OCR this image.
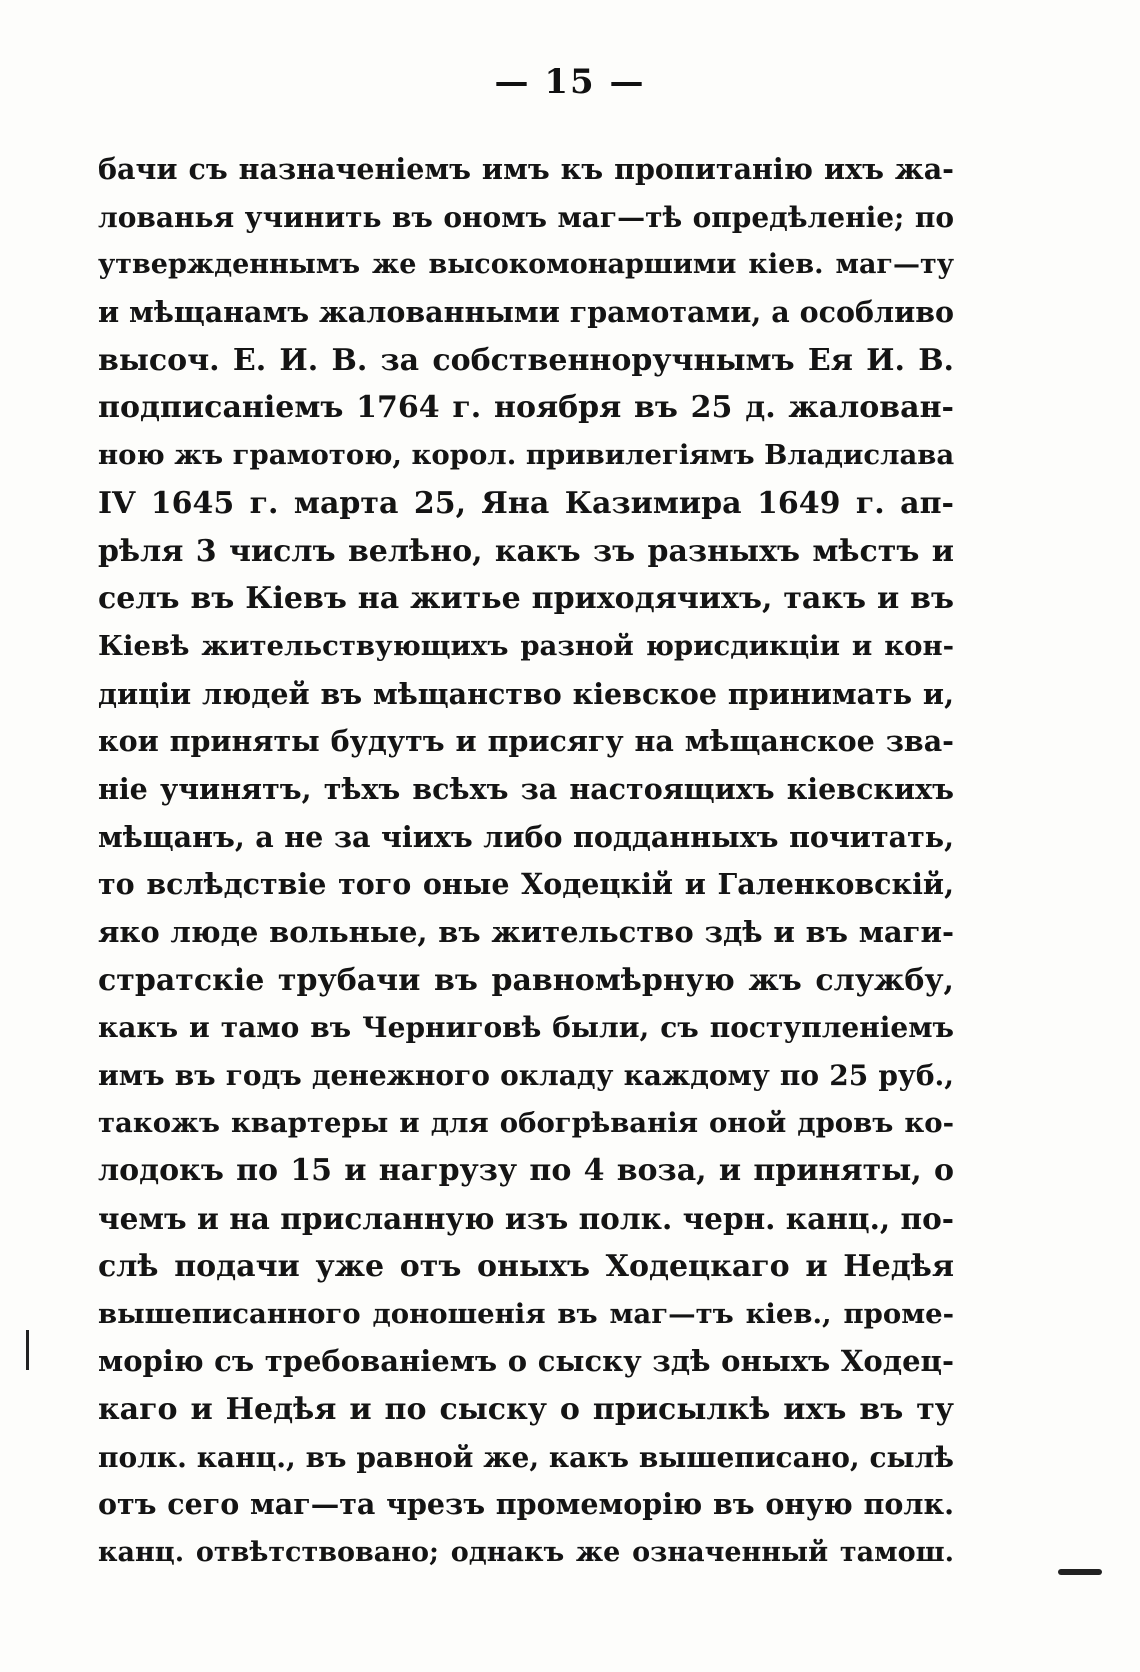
— 15 —
бачи съ назначеніемъ имъ къ пропитанію ихъ жа-
лованья учинить въ ономъ маг—тѣ опредѣленіе; по
утвержденнымъ же высокомонаршими кіев. маг—ту
и мѣщанамъ жалованными грамотами, а особливо
высоч. Е. И. В. за собственноручнымъ Ея И. В.
подписаніемъ 1764 г. ноября въ 25 д. жалован-
ною жъ грамотою, корол. привилегіямъ Владислава
IV 1645 г. марта 25, Яна Казимира 1649 г. ап-
рѣля 3 числъ велѣно, какъ зъ разныхъ мѣстъ и
селъ въ Кіевъ на житье приходячихъ, такъ и въ
Кіевѣ жительствующихъ разной юрисдикціи и кон-
диціи людей въ мѣщанство кіевское принимать и,
кои приняты будутъ и присягу на мѣщанское зва-
ніе учинятъ, тѣхъ всѣхъ за настоящихъ кіевскихъ
мѣщанъ, а не за чіихъ либо подданныхъ почитать,
то вслѣдствіе того оные Ходецкій и Галенковскій,
яко люде вольные, въ жительство здѣ и въ маги-
стратскіе трубачи въ равномѣрную жъ службу,
какъ и тамо въ Черниговѣ были, съ поступленіемъ
имъ въ годъ денежного окладу каждому по 25 руб.,
такожъ квартеры и для обогрѣванія оной дровъ ко-
лодокъ по 15 и нагрузу по 4 воза, и приняты, о
чемъ и на присланную изъ полк. черн. канц., по-
слѣ подачи уже отъ оныхъ Ходецкаго и Недѣя
вышеписанного доношенія въ маг—тъ кіев., проме-
морію съ требованіемъ о сыску здѣ оныхъ Ходец-
каго и Недѣя и по сыску о присылкѣ ихъ въ ту
полк. канц., въ равной же, какъ вышеписано, сылѣ
отъ сего маг—та чрезъ промеморію въ оную полк.
канц. отвѣтствовано; однакъ же означенный тамош.
